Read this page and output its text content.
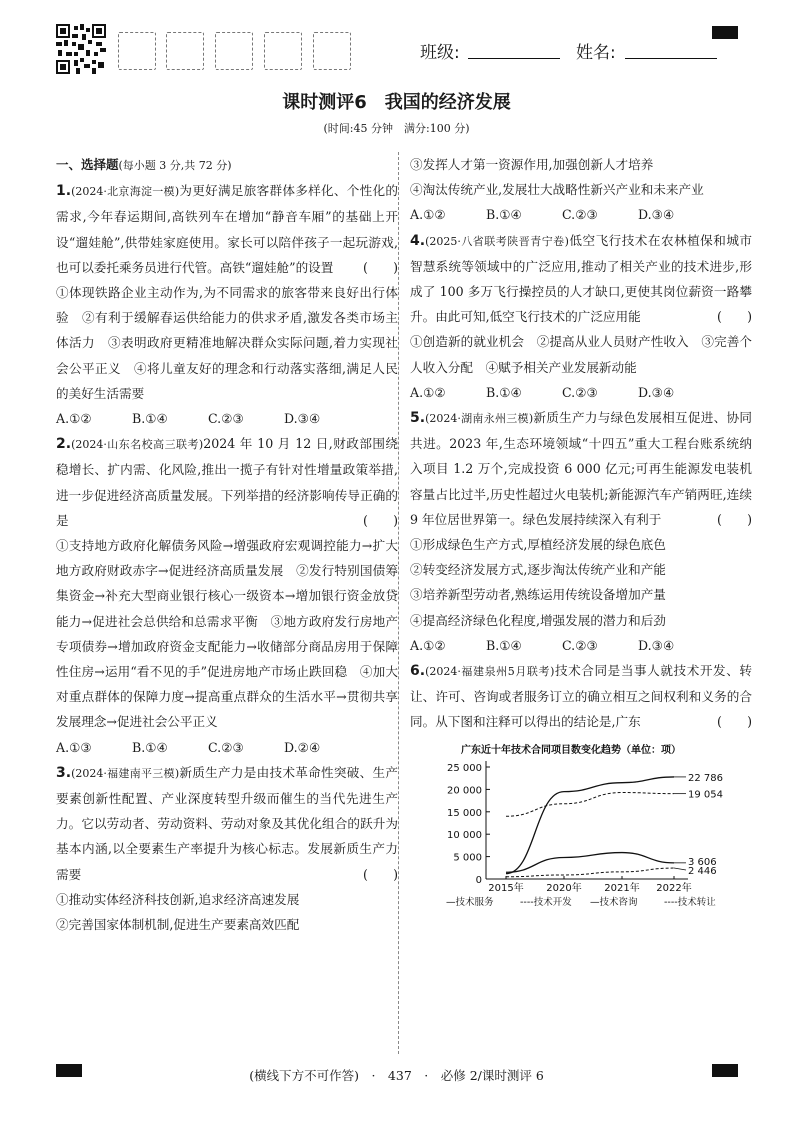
班级:	姓名:
课时测评6　我国的经济发展
(时间:45 分钟　满分:100 分)

一、选择题(每小题 3 分,共 72 分)

1.(2024·北京海淀一模)为更好满足旅客群体多样化、个性化的需求,今年春运期间,高铁列车在增加“静音车厢”的基础上开设“遛娃舱”,供带娃家庭使用。家长可以陪伴孩子一起玩游戏,也可以委托乘务员进行代管。高铁“遛娃舱”的设置 (　　)

①体现铁路企业主动作为,为不同需求的旅客带来良好出行体验　②有利于缓解春运供给能力的供求矛盾,激发各类市场主体活力　③表明政府更精准地解决群众实际问题,着力实现社会公平正义　④将儿童友好的理念和行动落实落细,满足人民的美好生活需要

A.①②	B.①④	C.②③	D.③④

2.(2024·山东名校高三联考)2024 年 10 月 12 日,财政部围绕稳增长、扩内需、化风险,推出一揽子有针对性增量政策举措,进一步促进经济高质量发展。下列举措的经济影响传导正确的是	(　　)

①支持地方政府化解债务风险→增强政府宏观调控能力→扩大地方政府财政赤字→促进经济高质量发展　②发行特别国债筹集资金→补充大型商业银行核心一级资本→增加银行资金放贷能力→促进社会总供给和总需求平衡　③地方政府发行房地产专项债券→增加政府资金支配能力→收储部分商品房用于保障性住房→运用“看不见的手”促进房地产市场止跌回稳　④加大对重点群体的保障力度→提高重点群众的生活水平→贯彻共享发展理念→促进社会公平正义

A.①③	B.①④	C.②③	D.②④

3.(2024·福建南平三模)新质生产力是由技术革命性突破、生产要素创新性配置、产业深度转型升级而催生的当代先进生产力。它以劳动者、劳动资料、劳动对象及其优化组合的跃升为基本内涵,以全要素生产率提升为核心标志。发展新质生产力需要	(　　)

①推动实体经济科技创新,追求经济高速发展

②完善国家体制机制,促进生产要素高效匹配

③发挥人才第一资源作用,加强创新人才培养

④淘汰传统产业,发展壮大战略性新兴产业和未来产业

A.①②	B.①④	C.②③	D.③④

4.(2025·八省联考陕晋青宁卷)低空飞行技术在农林植保和城市智慧系统等领域中的广泛应用,推动了相关产业的技术进步,形成了 100 多万飞行操控员的人才缺口,更使其岗位薪资一路攀升。由此可知,低空飞行技术的广泛应用能	(　　)

①创造新的就业机会　②提高从业人员财产性收入　③完善个人收入分配　④赋予相关产业发展新动能

A.①②	B.①④	C.②③	D.③④

5.(2024·湖南永州三模)新质生产力与绿色发展相互促进、协同共进。2023 年,生态环境领域“十四五”重大工程台账系统纳入项目 1.2 万个,完成投资 6 000 亿元;可再生能源发电装机容量占比过半,历史性超过火电装机;新能源汽车产销两旺,连续 9 年位居世界第一。绿色发展持续深入有利于	(　　)

①形成绿色生产方式,厚植经济发展的绿色底色

②转变经济发展方式,逐步淘汰传统产业和产能

③培养新型劳动者,熟练运用传统设备增加产量

④提高经济绿色化程度,增强发展的潜力和后劲

A.①②	B.①④	C.②③	D.③④

6.(2024·福建泉州5月联考)技术合同是当事人就技术开发、转让、许可、咨询或者服务订立的确立相互之间权利和义务的合同。从下图和注释可以得出的结论是,广东	(　　)

广东近十年技术合同项目数变化趋势（单位：项）
0
5 000
10 000
15 000
20 000
25 000
2015年 2020年 2021年 2022年
22 786
19 054
3 606
2 446
—技术服务	----技术开发 —技术咨询	----技术转让
(横线下方不可作答)　·　437　·　必修 2/课时测评 6
